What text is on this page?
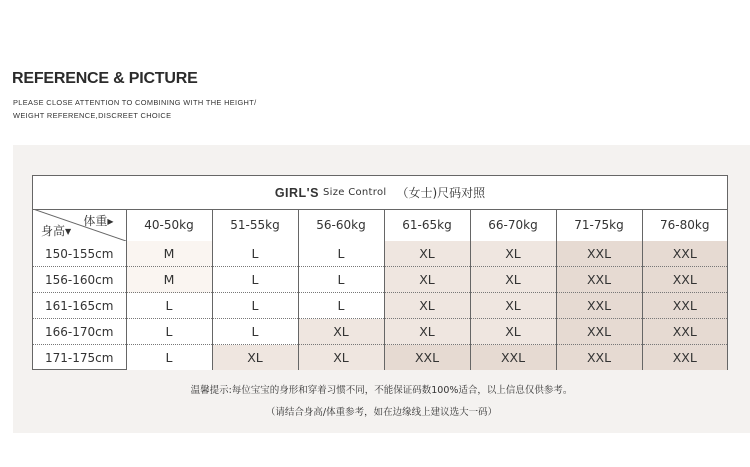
REFERENCE & PICTURE
PLEASE CLOSE ATTENTION TO COMBINING WITH THE HEIGHT/
WEIGHT REFERENCE,DISCREET CHOICE
GIRL'S Size Control （女士)尺码对照
体重▶
身高▼	40-50kg	51-55kg	56-60kg	61-65kg	66-70kg	71-75kg	76-80kg
150-155cm	M	L	L	XL	XL	XXL	XXL
156-160cm	M	L	L	XL	XL	XXL	XXL
161-165cm	L	L	L	XL	XL	XXL	XXL
166-170cm	L	L	XL	XL	XL	XXL	XXL
171-175cm	L	XL	XL	XXL	XXL	XXL	XXL
温馨提示:每位宝宝的身形和穿着习惯不同，不能保证码数100%适合，以上信息仅供参考。
（请结合身高/体重参考，如在边缘线上建议选大一码）
